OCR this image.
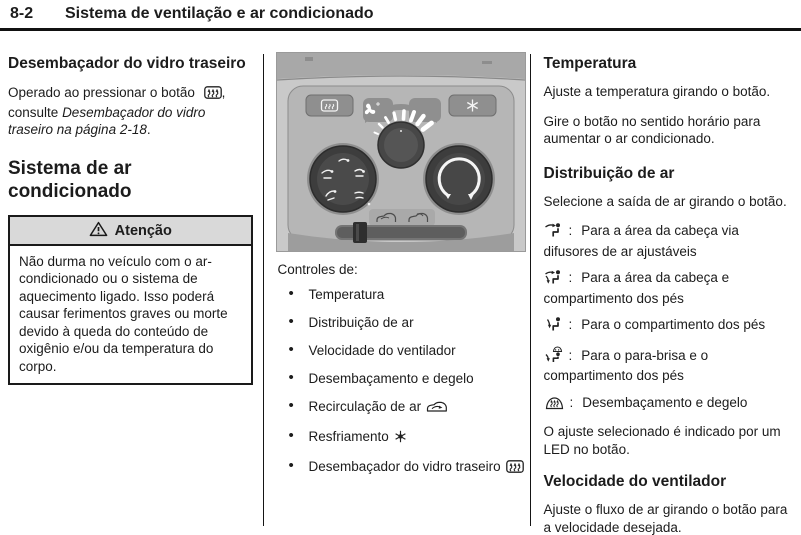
8-2	Sistema de ventilação e ar condicionado
Desembaçador do vidro traseiro

Operado ao pressionar o botão , consulte Desembaçador do vidro traseiro na página 2-18.

Sistema de ar condicionado
Atenção
Não durma no veículo com o ar-condicionado ou o sistema de aquecimento ligado. Isso poderá causar ferimentos graves ou morte devido à queda do conteúdo de oxigênio e/ou da temperatura do corpo.

Controles de:

• Temperatura
• Distribuição de ar
• Velocidade do ventilador
• Desembaçamento e degelo
• Recirculação de ar
• Resfriamento
• Desembaçador do vidro traseiro
Temperatura

Ajuste a temperatura girando o botão.

Gire o botão no sentido horário para aumentar o ar condicionado.

Distribuição de ar

Selecione a saída de ar girando o botão.

: Para a área da cabeça via difusores de ar ajustáveis

: Para a área da cabeça e compartimento dos pés

: Para o compartimento dos pés

: Para o para-brisa e o compartimento dos pés

: Desembaçamento e degelo

O ajuste selecionado é indicado por um LED no botão.

Velocidade do ventilador

Ajuste o fluxo de ar girando o botão para a velocidade desejada.
